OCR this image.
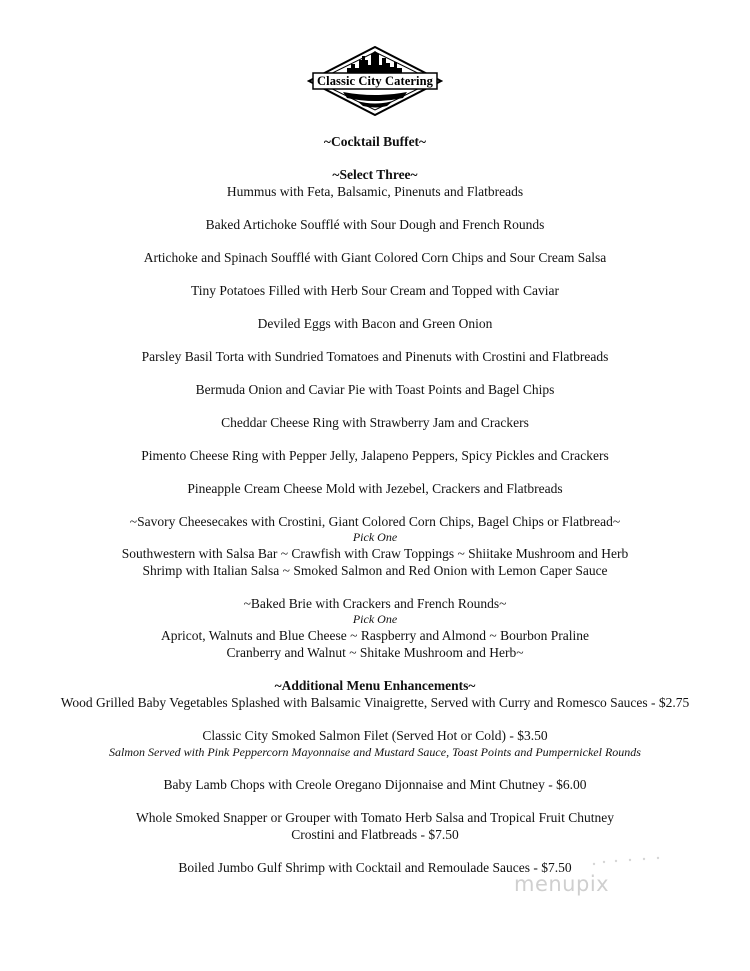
Classic City Catering

~Cocktail Buffet~

~Select Three~

Hummus with Feta, Balsamic, Pinenuts and Flatbreads

Baked Artichoke Soufflé with Sour Dough and French Rounds

Artichoke and Spinach Soufflé with Giant Colored Corn Chips and Sour Cream Salsa

Tiny Potatoes Filled with Herb Sour Cream and Topped with Caviar

Deviled Eggs with Bacon and Green Onion

Parsley Basil Torta with Sundried Tomatoes and Pinenuts with Crostini and Flatbreads

Bermuda Onion and Caviar Pie with Toast Points and Bagel Chips

Cheddar Cheese Ring with Strawberry Jam and Crackers

Pimento Cheese Ring with Pepper Jelly, Jalapeno Peppers, Spicy Pickles and Crackers

Pineapple Cream Cheese Mold with Jezebel, Crackers and Flatbreads

~Savory Cheesecakes with Crostini, Giant Colored Corn Chips, Bagel Chips or Flatbread~

Pick One

Southwestern with Salsa Bar ~ Crawfish with Craw Toppings ~ Shiitake Mushroom and Herb

Shrimp with Italian Salsa ~ Smoked Salmon and Red Onion with Lemon Caper Sauce

~Baked Brie with Crackers and French Rounds~

Pick One

Apricot, Walnuts and Blue Cheese ~ Raspberry and Almond ~ Bourbon Praline

Cranberry and Walnut ~ Shitake Mushroom and Herb~

~Additional Menu Enhancements~

Wood Grilled Baby Vegetables Splashed with Balsamic Vinaigrette, Served with Curry and Romesco Sauces - $2.75

Classic City Smoked Salmon Filet (Served Hot or Cold) - $3.50

Salmon Served with Pink Peppercorn Mayonnaise and Mustard Sauce, Toast Points and Pumpernickel Rounds

Baby Lamb Chops with Creole Oregano Dijonnaise and Mint Chutney - $6.00

Whole Smoked Snapper or Grouper with Tomato Herb Salsa and Tropical Fruit Chutney

Crostini and Flatbreads - $7.50

Boiled Jumbo Gulf Shrimp with Cocktail and Remoulade Sauces - $7.50

menupix
